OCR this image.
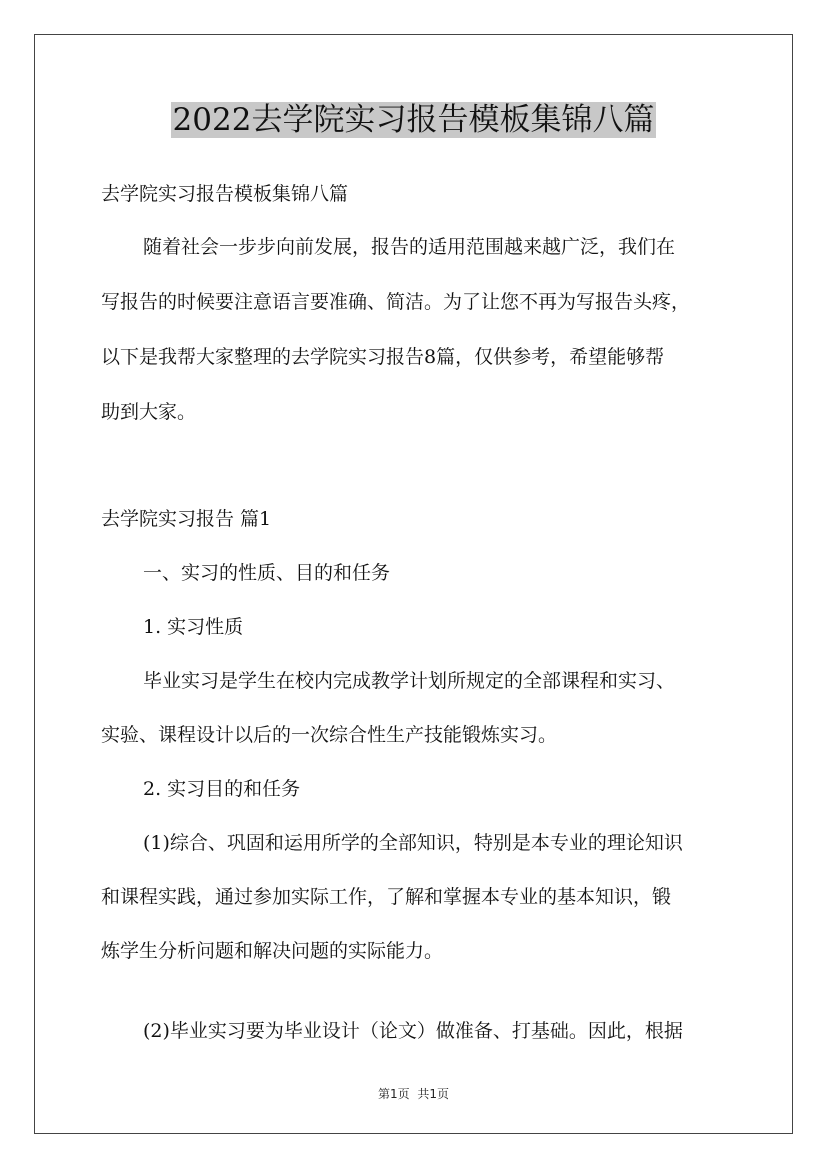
2022去学院实习报告模板集锦八篇
去学院实习报告模板集锦八篇
随着社会一步步向前发展，报告的适用范围越来越广泛，我们在
写报告的时候要注意语言要准确、简洁。为了让您不再为写报告头疼，
以下是我帮大家整理的去学院实习报告8篇，仅供参考，希望能够帮
助到大家。
去学院实习报告 篇1
一、实习的性质、目的和任务
1. 实习性质
毕业实习是学生在校内完成教学计划所规定的全部课程和实习、
实验、课程设计以后的一次综合性生产技能锻炼实习。
2. 实习目的和任务
(1)综合、巩固和运用所学的全部知识，特别是本专业的理论知识
和课程实践，通过参加实际工作，了解和掌握本专业的基本知识，锻
炼学生分析问题和解决问题的实际能力。
(2)毕业实习要为毕业设计（论文）做准备、打基础。因此，根据
第1页 共1页
